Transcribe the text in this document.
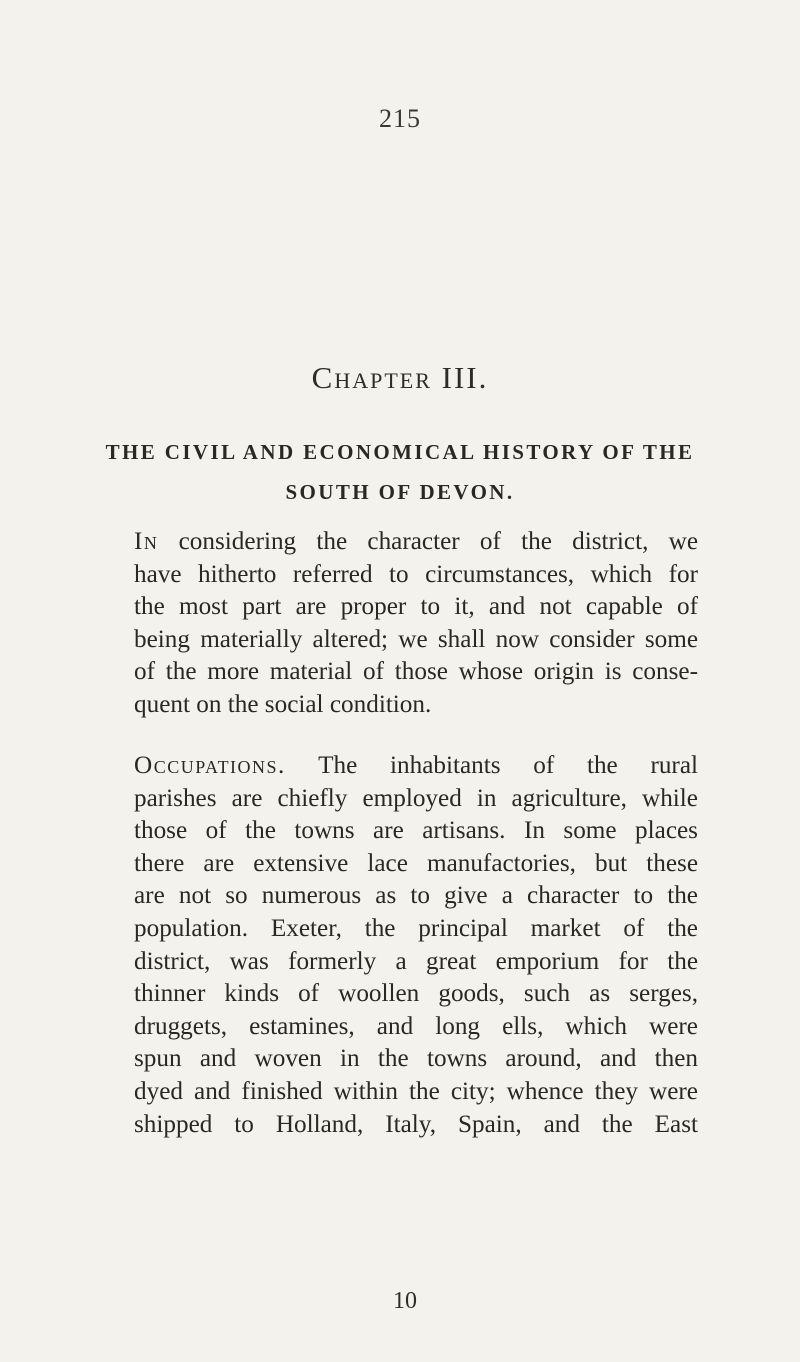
215
Chapter III.
THE CIVIL AND ECONOMICAL HISTORY OF THE
SOUTH OF DEVON.
In considering the character of the district, we
have hitherto referred to circumstances, which for
the most part are proper to it, and not capable of
being materially altered; we shall now consider some
of the more material of those whose origin is conse-
quent on the social condition.
Occupations. The inhabitants of the rural
parishes are chiefly employed in agriculture, while
those of the towns are artisans. In some places
there are extensive lace manufactories, but these
are not so numerous as to give a character to the
population. Exeter, the principal market of the
district, was formerly a great emporium for the
thinner kinds of woollen goods, such as serges,
druggets, estamines, and long ells, which were
spun and woven in the towns around, and then
dyed and finished within the city; whence they were
shipped to Holland, Italy, Spain, and the East
10
